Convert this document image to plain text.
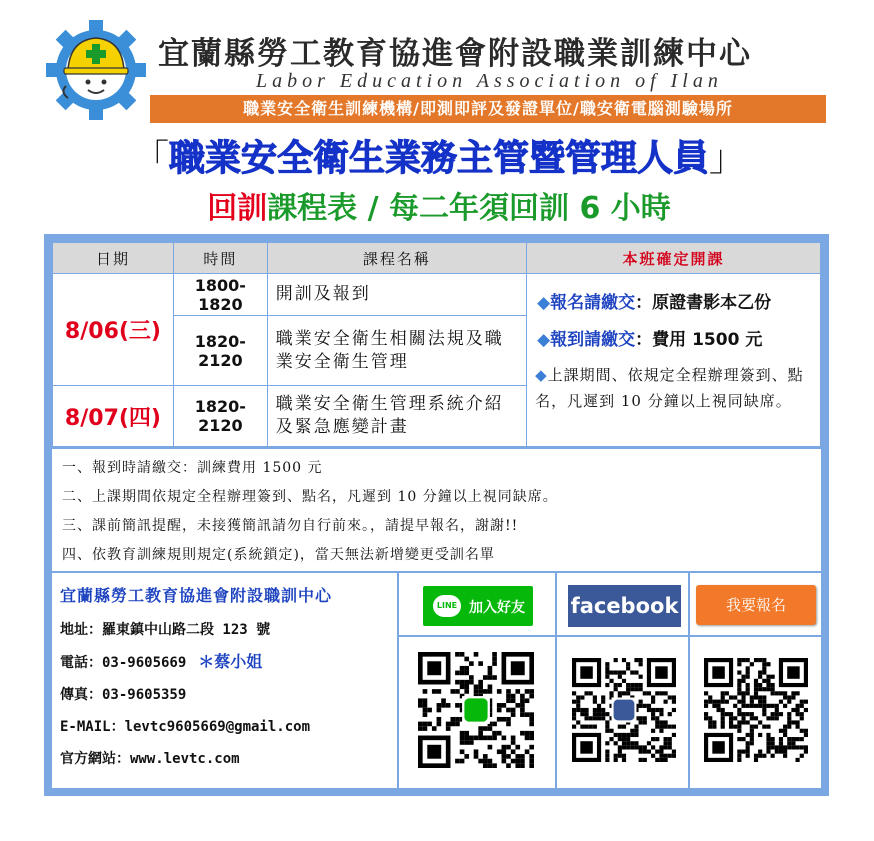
宜蘭縣勞工教育協進會附設職業訓練中心
Labor Education Association of Ilan
職業安全衛生訓練機構/即測即評及發證單位/職安衛電腦測驗場所
「職業安全衛生業務主管暨管理人員」
回訓課程表 / 每二年須回訓 6 小時
日期	時間	課程名稱	本班確定開課
8/06(三)	1800-1820	開訓及報到	◆報名請繳交：原證書影本乙份
◆報到請繳交：費用 1500 元
◆上課期間、依規定全程辦理簽到、點名，凡遲到 10 分鐘以上視同缺席。

	1820-2120	職業安全衛生相關法規及職業安全衛生管理	
8/07(四)	1820-2120	職業安全衛生管理系統介紹及緊急應變計畫	
一、報到時請繳交：訓練費用 1500 元
二、上課期間依規定全程辦理簽到、點名，凡遲到 10 分鐘以上視同缺席。
三、課前簡訊提醒，未接獲簡訊請勿自行前來。，請提早報名，謝謝!!
四、依教育訓練規則規定(系統鎖定)，當天無法新增變更受訓名單
宜蘭縣勞工教育協進會附設職訓中心
地址：羅東鎮中山路二段 123 號
電話：03-9605669 ＊蔡小姐
傳真：03-9605359
E-MAIL：levtc9605669@gmail.com
官方網站：www.levtc.com
LINE 加入好友 facebook	我要報名
